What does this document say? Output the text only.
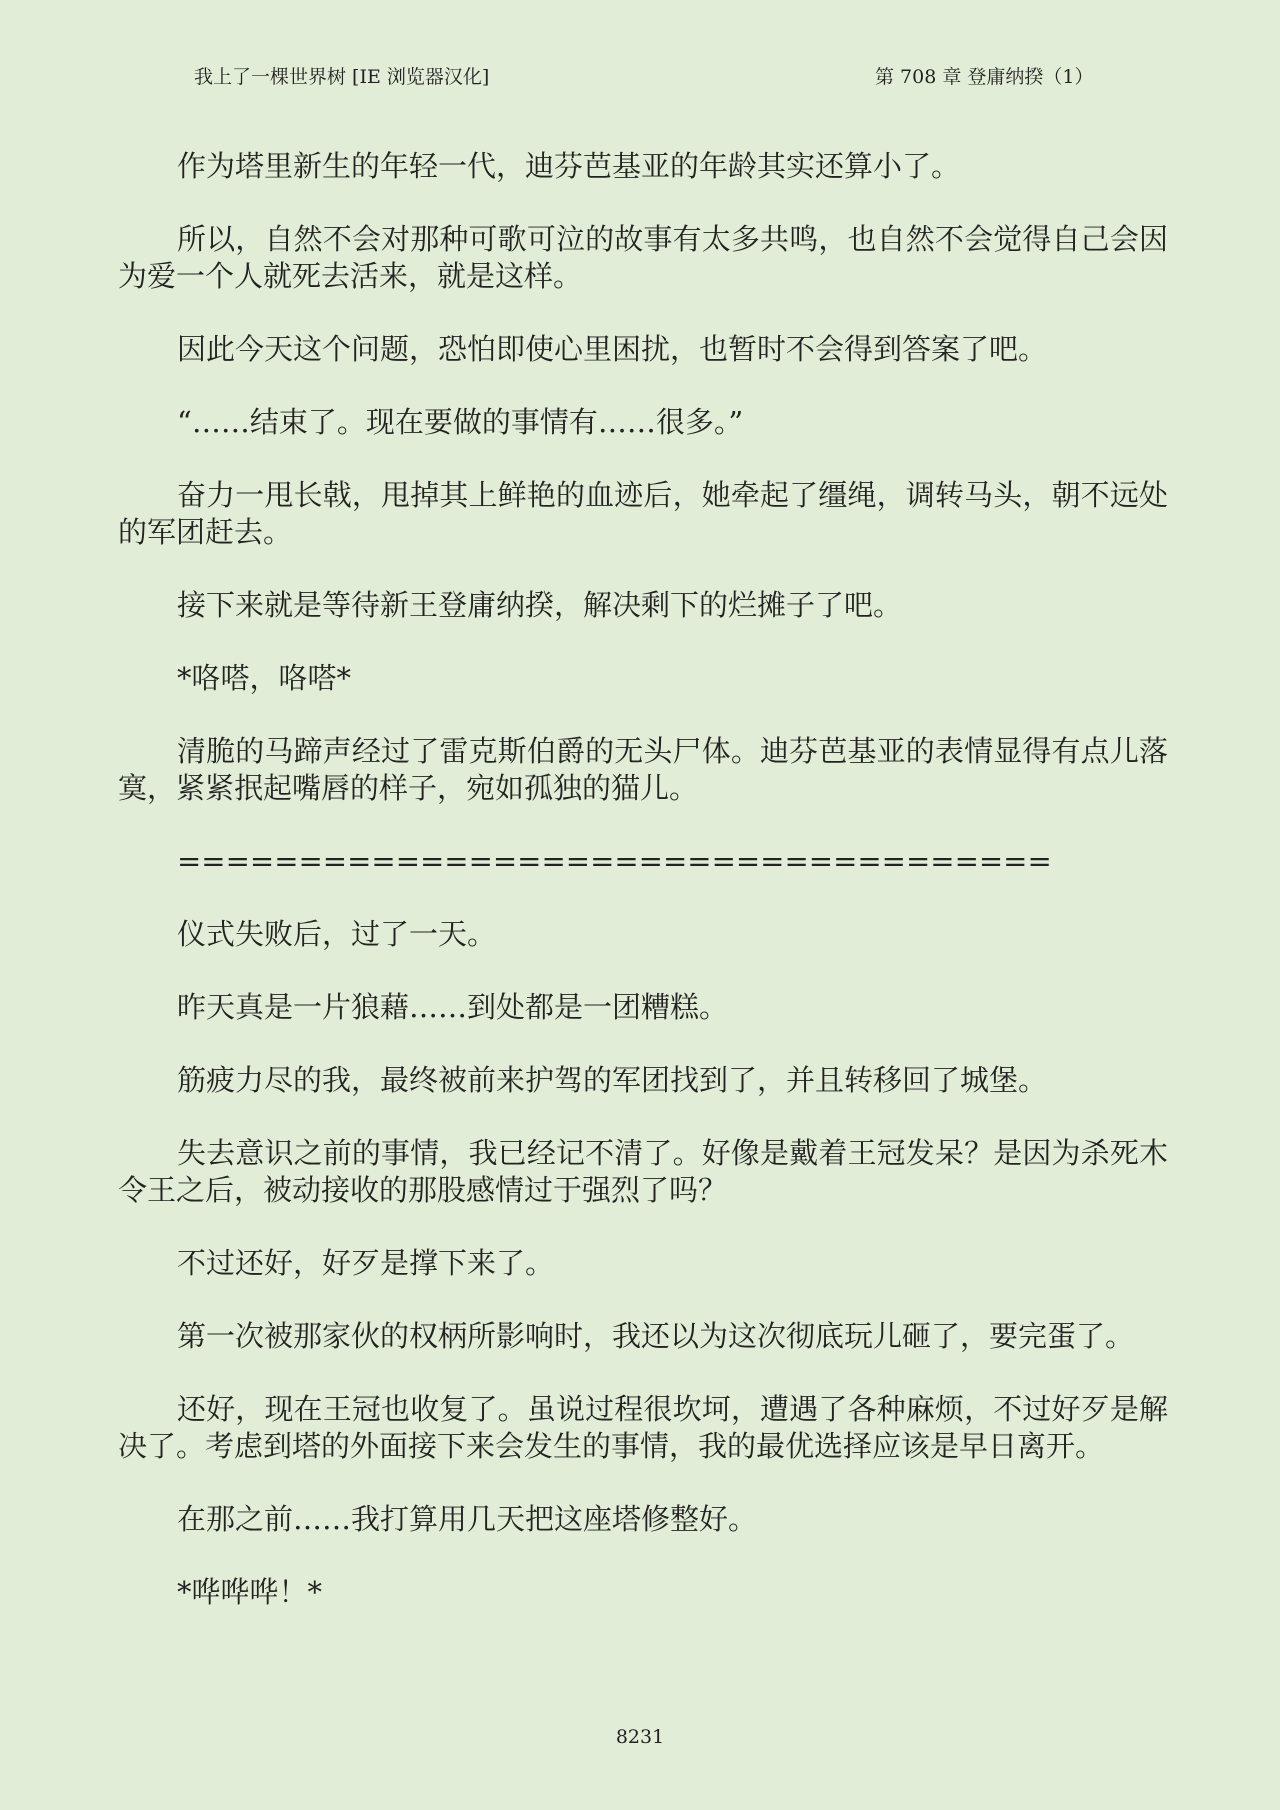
我上了一棵世界树 [IE 浏览器汉化]	第 708 章 登庸纳揆（1）

作为塔里新生的年轻一代，迪芬芭基亚的年龄其实还算小了。

所以，自然不会对那种可歌可泣的故事有太多共鸣，也自然不会觉得自己会因为爱一个人就死去活来，就是这样。

因此今天这个问题，恐怕即使心里困扰，也暂时不会得到答案了吧。

“……结束了。现在要做的事情有……很多。”

奋力一甩长戟，甩掉其上鲜艳的血迹后，她牵起了缰绳，调转马头，朝不远处的军团赶去。

接下来就是等待新王登庸纳揆，解决剩下的烂摊子了吧。

*咯嗒，咯嗒*

清脆的马蹄声经过了雷克斯伯爵的无头尸体。迪芬芭基亚的表情显得有点儿落寞，紧紧抿起嘴唇的样子，宛如孤独的猫儿。

====================================

仪式失败后，过了一天。

昨天真是一片狼藉……到处都是一团糟糕。

筋疲力尽的我，最终被前来护驾的军团找到了，并且转移回了城堡。

失去意识之前的事情，我已经记不清了。好像是戴着王冠发呆？是因为杀死木令王之后，被动接收的那股感情过于强烈了吗？

不过还好，好歹是撑下来了。

第一次被那家伙的权柄所影响时，我还以为这次彻底玩儿砸了，要完蛋了。

还好，现在王冠也收复了。虽说过程很坎坷，遭遇了各种麻烦，不过好歹是解决了。考虑到塔的外面接下来会发生的事情，我的最优选择应该是早日离开。

在那之前……我打算用几天把这座塔修整好。

*哗哗哗！*

8231
